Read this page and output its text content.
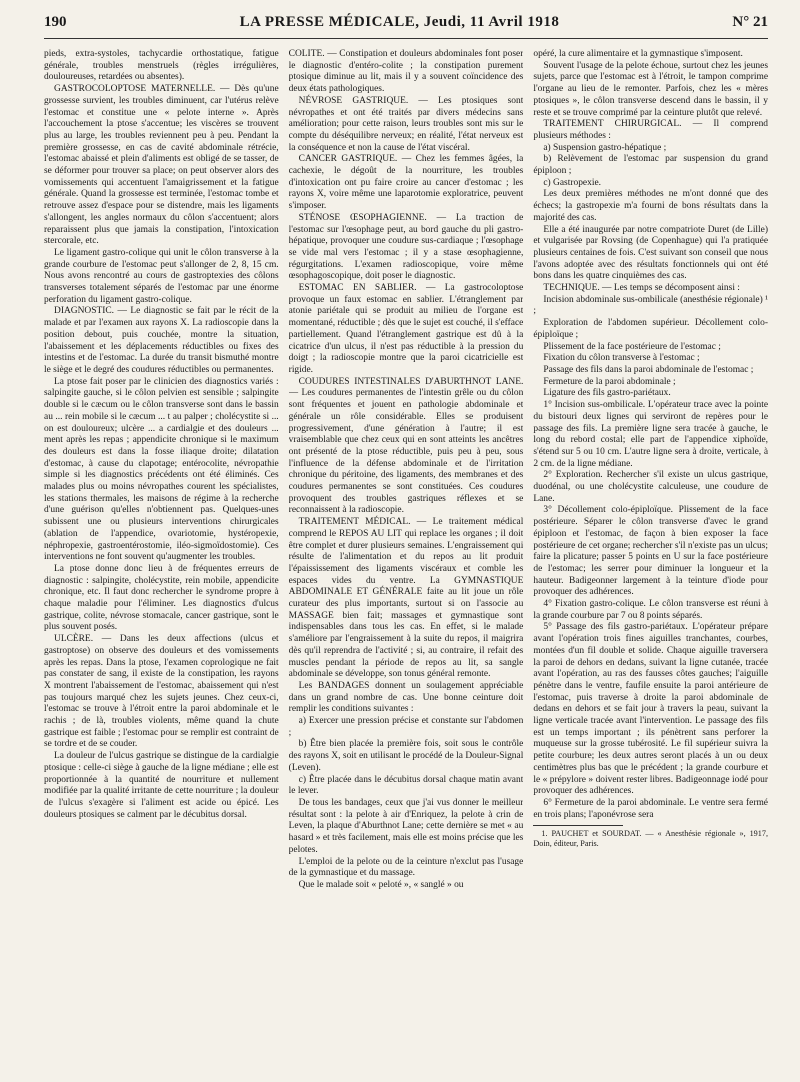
190	LA PRESSE MÉDICALE, Jeudi, 11 Avril 1918	N° 21

pieds, extra-systoles, tachycardie orthostatique, fatigue générale, troubles menstruels (règles irrégulières, douloureuses, retardées ou absentes).

GASTROCOLOPTOSE MATERNELLE. — Dès qu'une grossesse survient, les troubles diminuent, car l'utérus relève l'estomac et constitue une « pelote interne ». Après l'accouchement la ptose s'accentue; les viscères se trouvent plus au large, les troubles reviennent peu à peu. Pendant la première grossesse, en cas de cavité abdominale rétrécie, l'estomac abaissé et plein d'aliments est obligé de se tasser, de se déformer pour trouver sa place; on peut observer alors des vomissements qui accentuent l'amaigrissement et la fatigue générale. Quand la grossesse est terminée, l'estomac tombe et retrouve assez d'espace pour se distendre, mais les ligaments s'allongent, les angles normaux du côlon s'accentuent; alors reparaissent plus que jamais la constipation, l'intoxication stercorale, etc.

Le ligament gastro-colique qui unit le côlon transverse à la grande courbure de l'estomac peut s'allonger de 2, 8, 15 cm. Nous avons rencontré au cours de gastroptexies des côlons transverses totalement séparés de l'estomac par une énorme perforation du ligament gastro-colique.

DIAGNOSTIC. — Le diagnostic se fait par le récit de la malade et par l'examen aux rayons X. La radioscopie dans la position debout, puis couchée, montre la situation, l'abaissement et les déplacements réductibles ou fixes des intestins et de l'estomac. La durée du transit bismuthé montre le siège et le degré des coudures réductibles ou permanentes.

La ptose fait poser par le clinicien des diagnostics variés : salpingite gauche, si le côlon pelvien est sensible ; salpingite double si le cæcum ou le côlon transverse sont dans le bassin au ... rein mobile si le cæcum ... t au palper ; cholécystite si ... on est douloureux; ulcère ... a cardialgie et des douleurs ... ment après les repas ; appendicite chronique si le maximum des douleurs est dans la fosse iliaque droite; dilatation d'estomac, à cause du clapotage; entérocolite, névropathie simple si les diagnostics précédents ont été éliminés. Ces malades plus ou moins névropathes courent les spécialistes, les stations thermales, les maisons de régime à la recherche d'une guérison qu'elles n'obtiennent pas. Quelques-unes subissent une ou plusieurs interventions chirurgicales (ablation de l'appendice, ovariotomie, hystéropexie, néphropexie, gastroentérostomie, iléo-sigmoïdostomie). Ces interventions ne font souvent qu'augmenter les troubles.

La ptose donne donc lieu à de fréquentes erreurs de diagnostic : salpingite, cholécystite, rein mobile, appendicite chronique, etc. Il faut donc rechercher le syndrome propre à chaque maladie pour l'éliminer. Les diagnostics d'ulcus gastrique, colite, névrose stomacale, cancer gastrique, sont le plus souvent posés.

ULCÈRE. — Dans les deux affections (ulcus et gastroptose) on observe des douleurs et des vomissements après les repas. Dans la ptose, l'examen coprologique ne fait pas constater de sang, il existe de la constipation, les rayons X montrent l'abaissement de l'estomac, abaissement qui n'est pas toujours marqué chez les sujets jeunes. Chez ceux-ci, l'estomac se trouve à l'étroit entre la paroi abdominale et le rachis ; de là, troubles violents, même quand la chute gastrique est faible ; l'estomac pour se remplir est contraint de se tordre et de se couder.

La douleur de l'ulcus gastrique se distingue de la cardialgie ptosique : celle-ci siège à gauche de la ligne médiane ; elle est proportionnée à la quantité de nourriture et nullement modifiée par la qualité irritante de cette nourriture ; la douleur de l'ulcus s'exagère si l'aliment est acide ou épicé. Les douleurs ptosiques se calment par le décubitus dorsal.

COLITE. — Constipation et douleurs abdominales font poser le diagnostic d'entéro-colite ; la constipation purement ptosique diminue au lit, mais il y a souvent coïncidence des deux états pathologiques.

NÉVROSE GASTRIQUE. — Les ptosiques sont névropathes et ont été traités par divers médecins sans amélioration; pour cette raison, leurs troubles sont mis sur le compte du déséquilibre nerveux; en réalité, l'état nerveux est la conséquence et non la cause de l'état viscéral.

CANCER GASTRIQUE. — Chez les femmes âgées, la cachexie, le dégoût de la nourriture, les troubles d'intoxication ont pu faire croire au cancer d'estomac ; les rayons X, voire même une laparotomie exploratrice, peuvent s'imposer.

STÉNOSE ŒSOPHAGIENNE. — La traction de l'estomac sur l'œsophage peut, au bord gauche du pli gastro-hépatique, provoquer une coudure sus-cardiaque ; l'œsophage se vide mal vers l'estomac ; il y a stase œsophagienne, régurgitations. L'examen radioscopique, voire même œsophagoscopique, doit poser le diagnostic.

ESTOMAC EN SABLIER. — La gastrocoloptose provoque un faux estomac en sablier. L'étranglement par atonie pariétale qui se produit au milieu de l'organe est momentané, réductible ; dès que le sujet est couché, il s'efface partiellement. Quand l'étranglement gastrique est dû à la cicatrice d'un ulcus, il n'est pas réductible à la pression du doigt ; la radioscopie montre que la paroi cicatricielle est rigide.

COUDURES INTESTINALES D'ABURTHNOT LANE. — Les coudures permanentes de l'intestin grêle ou du côlon sont fréquentes et jouent en pathologie abdominale et générale un rôle considérable. Elles se produisent progressivement, d'une génération à l'autre; il est vraisemblable que chez ceux qui en sont atteints les ancêtres ont présenté de la ptose réductible, puis peu à peu, sous l'influence de la défense abdominale et de l'irritation chronique du péritoine, des ligaments, des membranes et des coudures permanentes se sont constituées. Ces coudures provoquent des troubles gastriques réflexes et se reconnaissent à la radioscopie.

TRAITEMENT MÉDICAL. — Le traitement médical comprend le REPOS AU LIT qui replace les organes ; il doit être complet et durer plusieurs semaines. L'engraissement qui résulte de l'alimentation et du repos au lit produit l'épaississement des ligaments viscéraux et comble les espaces vides du ventre. La GYMNASTIQUE ABDOMINALE ET GÉNÉRALE faite au lit joue un rôle curateur des plus importants, surtout si on l'associe au MASSAGE bien fait; massages et gymnastique sont indispensables dans tous les cas. En effet, si le malade s'améliore par l'engraissement à la suite du repos, il maigrira dès qu'il reprendra de l'activité ; si, au contraire, il refait des muscles pendant la période de repos au lit, sa sangle abdominale se développe, son tonus général remonte.

Les BANDAGES donnent un soulagement appréciable dans un grand nombre de cas. Une bonne ceinture doit remplir les conditions suivantes :

a) Exercer une pression précise et constante sur l'abdomen ;

b) Être bien placée la première fois, soit sous le contrôle des rayons X, soit en utilisant le procédé de la Douleur-Signal (Leven).

c) Être placée dans le décubitus dorsal chaque matin avant le lever.

De tous les bandages, ceux que j'ai vus donner le meilleur résultat sont : la pelote à air d'Enriquez, la pelote à crin de Leven, la plaque d'Aburthnot Lane; cette dernière se met « au hasard » et très facilement, mais elle est moins précise que les pelotes.

L'emploi de la pelote ou de la ceinture n'exclut pas l'usage de la gymnastique et du massage.

Que le malade soit « peloté », « sanglé » ou

opéré, la cure alimentaire et la gymnastique s'imposent.

Souvent l'usage de la pelote échoue, surtout chez les jeunes sujets, parce que l'estomac est à l'étroit, le tampon comprime l'organe au lieu de le remonter. Parfois, chez les « mères ptosiques », le côlon transverse descend dans le bassin, il y reste et se trouve comprimé par la ceinture plutôt que relevé.

TRAITEMENT CHIRURGICAL. — Il comprend plusieurs méthodes :

a) Suspension gastro-hépatique ;

b) Relèvement de l'estomac par suspension du grand épiploon ;

c) Gastropexie.

Les deux premières méthodes ne m'ont donné que des échecs; la gastropexie m'a fourni de bons résultats dans la majorité des cas.

Elle a été inaugurée par notre compatriote Duret (de Lille) et vulgarisée par Rovsing (de Copenhague) qui l'a pratiquée plusieurs centaines de fois. C'est suivant son conseil que nous l'avons adoptée avec des résultats fonctionnels qui ont été bons dans les quatre cinquièmes des cas.

TECHNIQUE. — Les temps se décomposent ainsi :

Incision abdominale sus-ombilicale (anesthésie régionale) ¹ ;

Exploration de l'abdomen supérieur. Décollement colo-épiploïque ;

Plissement de la face postérieure de l'estomac ;

Fixation du côlon transverse à l'estomac ;

Passage des fils dans la paroi abdominale de l'estomac ;

Fermeture de la paroi abdominale ;

Ligature des fils gastro-pariétaux.

1° Incision sus-ombilicale. L'opérateur trace avec la pointe du bistouri deux lignes qui serviront de repères pour le passage des fils. La première ligne sera tracée à gauche, le long du rebord costal; elle part de l'appendice xiphoïde, s'étend sur 5 ou 10 cm. L'autre ligne sera à droite, verticale, à 2 cm. de la ligne médiane.

2° Exploration. Rechercher s'il existe un ulcus gastrique, duodénal, ou une cholécystite calculeuse, une coudure de Lane.

3° Décollement colo-épiploïque. Plissement de la face postérieure. Séparer le côlon transverse d'avec le grand épiploon et l'estomac, de façon à bien exposer la face postérieure de cet organe; rechercher s'il n'existe pas un ulcus; faire la plicature; passer 5 points en U sur la face postérieure de l'estomac; les serrer pour diminuer la longueur et la hauteur. Badigeonner largement à la teinture d'iode pour provoquer des adhérences.

4° Fixation gastro-colique. Le côlon transverse est réuni à la grande courbure par 7 ou 8 points séparés.

5° Passage des fils gastro-pariétaux. L'opérateur prépare avant l'opération trois fines aiguilles tranchantes, courbes, montées d'un fil double et solide. Chaque aiguille traversera la paroi de dehors en dedans, suivant la ligne cutanée, tracée avant l'opération, au ras des fausses côtes gauches; l'aiguille pénètre dans le ventre, faufile ensuite la paroi antérieure de l'estomac, puis traverse à droite la paroi abdominale de dedans en dehors et se fait jour à travers la peau, suivant la ligne verticale tracée avant l'intervention. Le passage des fils est un temps important ; ils pénètrent sans perforer la muqueuse sur la grosse tubérosité. Le fil supérieur suivra la petite courbure; les deux autres seront placés à un ou deux centimètres plus bas que le précédent ; la grande courbure et le « prépylore » doivent rester libres. Badigeonnage iodé pour provoquer des adhérences.

6° Fermeture de la paroi abdominale. Le ventre sera fermé en trois plans; l'aponévrose sera

1. PAUCHET et SOURDAT. — « Anesthésie régionale », 1917, Doin, éditeur, Paris.
